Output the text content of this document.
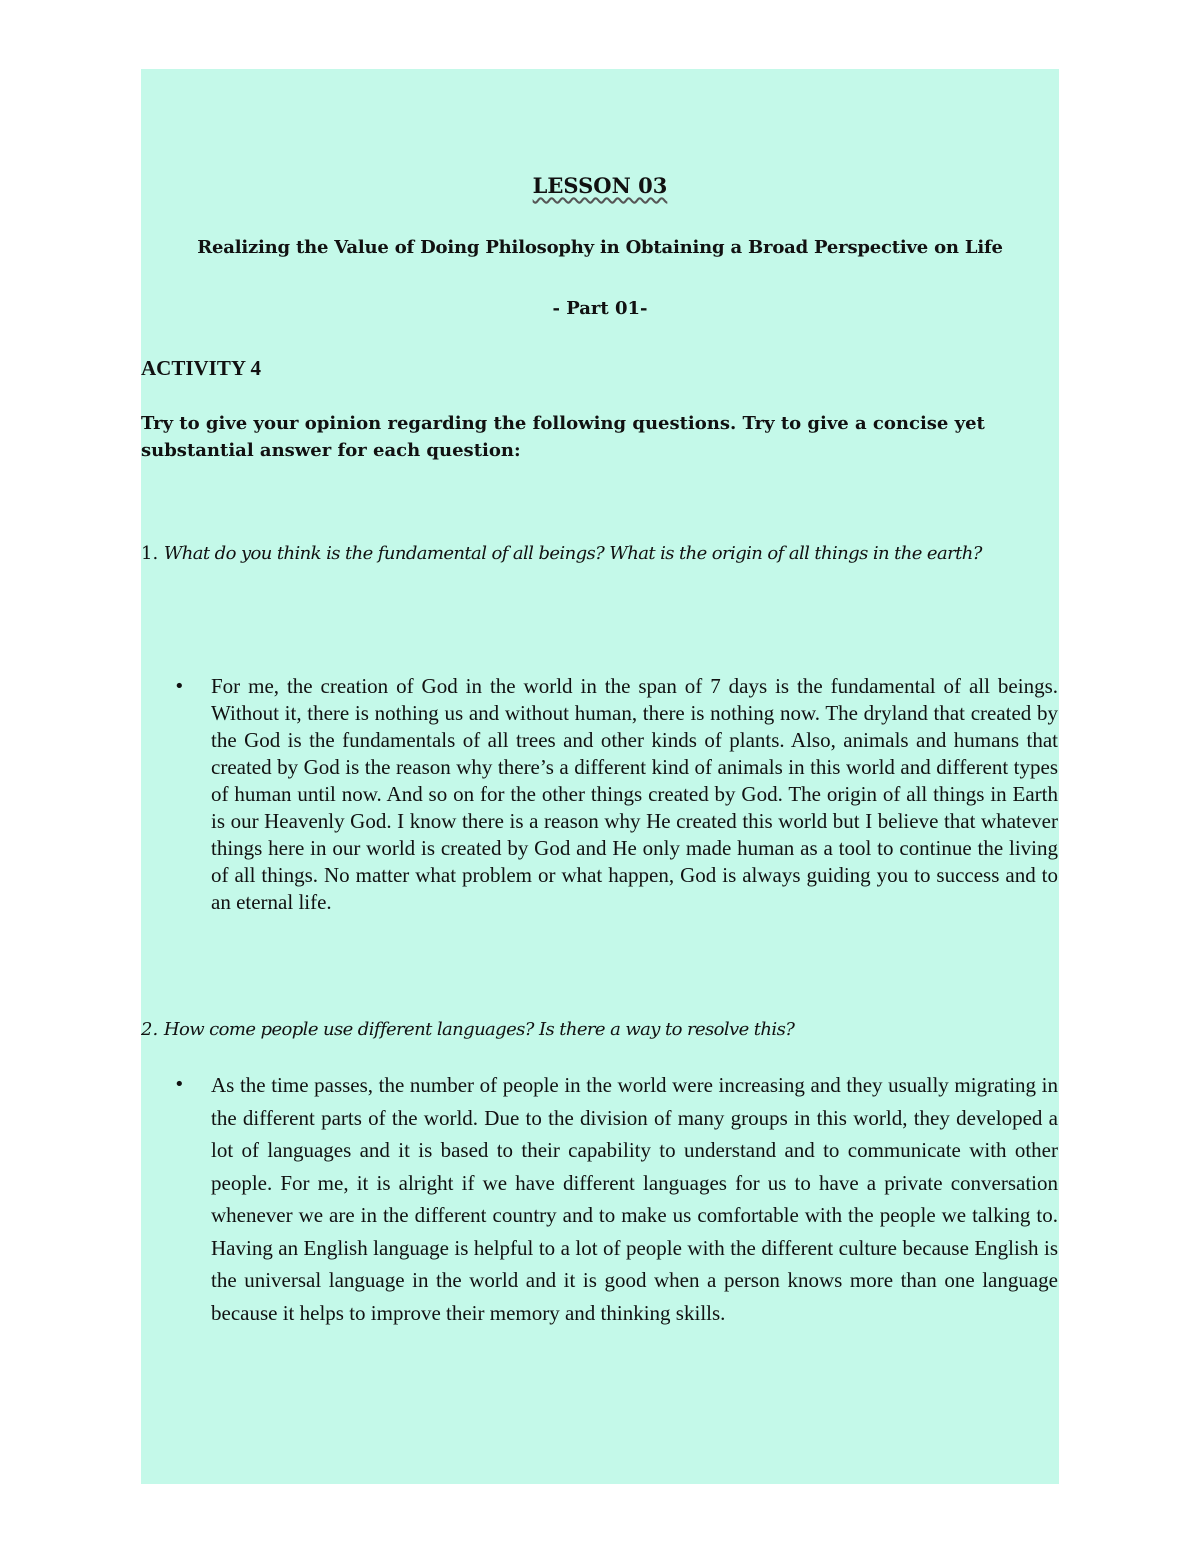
LESSON 03
Realizing the Value of Doing Philosophy in Obtaining a Broad Perspective on Life
- Part 01-
ACTIVITY 4
Try to give your opinion regarding the following questions. Try to give a concise yet substantial answer for each question:
1. What do you think is the fundamental of all beings? What is the origin of all things in the earth?
• For me, the creation of God in the world in the span of 7 days is the fundamental of all beings. Without it, there is nothing us and without human, there is nothing now. The dryland that created by the God is the fundamentals of all trees and other kinds of plants. Also, animals and humans that created by God is the reason why there’s a different kind of animals in this world and different types of human until now. And so on for the other things created by God. The origin of all things in Earth is our Heavenly God. I know there is a reason why He created this world but I believe that whatever things here in our world is created by God and He only made human as a tool to continue the living of all things. No matter what problem or what happen, God is always guiding you to success and to an eternal life.
2. How come people use different languages? Is there a way to resolve this?
• As the time passes, the number of people in the world were increasing and they usually migrating in the different parts of the world. Due to the division of many groups in this world, they developed a lot of languages and it is based to their capability to understand and to communicate with other people. For me, it is alright if we have different languages for us to have a private conversation whenever we are in the different country and to make us comfortable with the people we talking to. Having an English language is helpful to a lot of people with the different culture because English is the universal language in the world and it is good when a person knows more than one language because it helps to improve their memory and thinking skills.
